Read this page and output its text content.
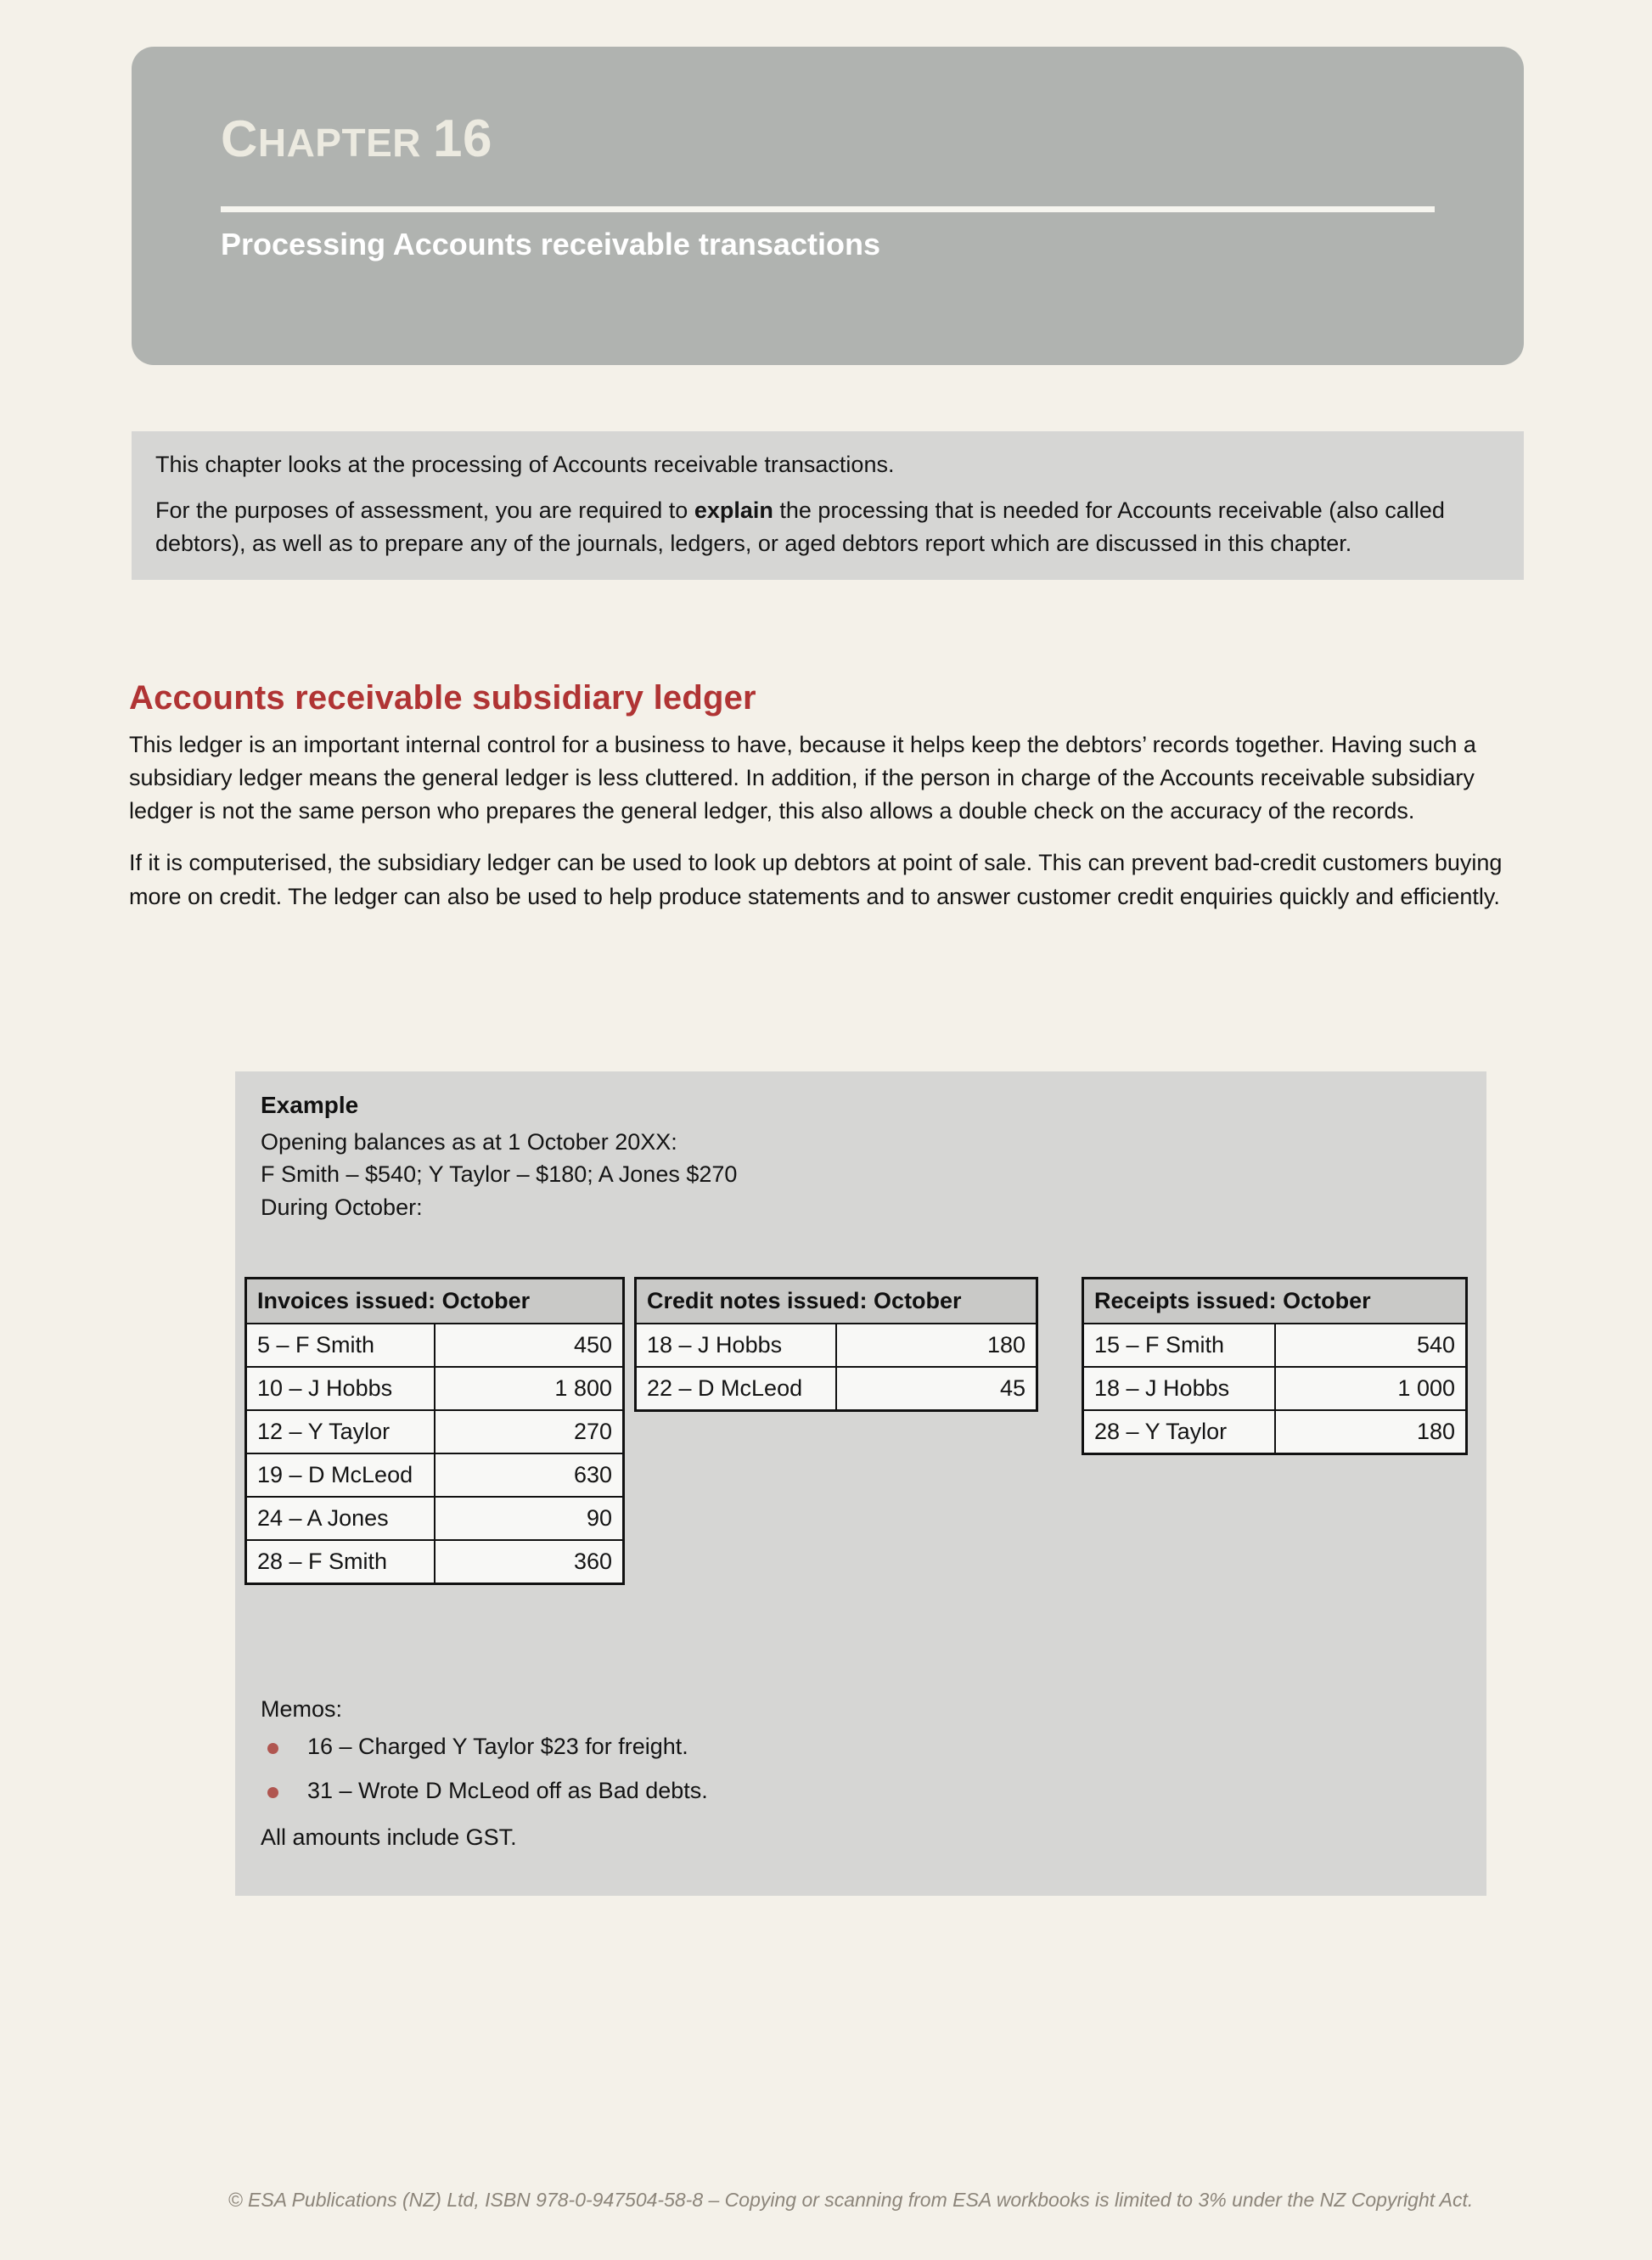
CHAPTER 16
Processing Accounts receivable transactions

This chapter looks at the processing of Accounts receivable transactions.

For the purposes of assessment, you are required to explain the processing that is needed for Accounts receivable (also called debtors), as well as to prepare any of the journals, ledgers, or aged debtors report which are discussed in this chapter.

Accounts receivable subsidiary ledger

This ledger is an important internal control for a business to have, because it helps keep the debtors’ records together. Having such a subsidiary ledger means the general ledger is less cluttered. In addition, if the person in charge of the Accounts receivable subsidiary ledger is not the same person who prepares the general ledger, this also allows a double check on the accuracy of the records.

If it is computerised, the subsidiary ledger can be used to look up debtors at point of sale. This can prevent bad-credit customers buying more on credit. The ledger can also be used to help produce statements and to answer customer credit enquiries quickly and efficiently.

Example

Opening balances as at 1 October 20XX:

F Smith – $540; Y Taylor – $180; A Jones $270

During October:

Invoices issued: October	
5 – F Smith	450
10 – J Hobbs	1 800
12 – Y Taylor	270
19 – D McLeod	630
24 – A Jones	90
28 – F Smith	360
Credit notes issued: October	
18 – J Hobbs	180
22 – D McLeod	45
Receipts issued: October	
15 – F Smith	540
18 – J Hobbs	1 000
28 – Y Taylor	180

Memos:

16 – Charged Y Taylor $23 for freight.
31 – Wrote D McLeod off as Bad debts.

All amounts include GST.

© ESA Publications (NZ) Ltd, ISBN 978-0-947504-58-8 – Copying or scanning from ESA workbooks is limited to 3% under the NZ Copyright Act.
